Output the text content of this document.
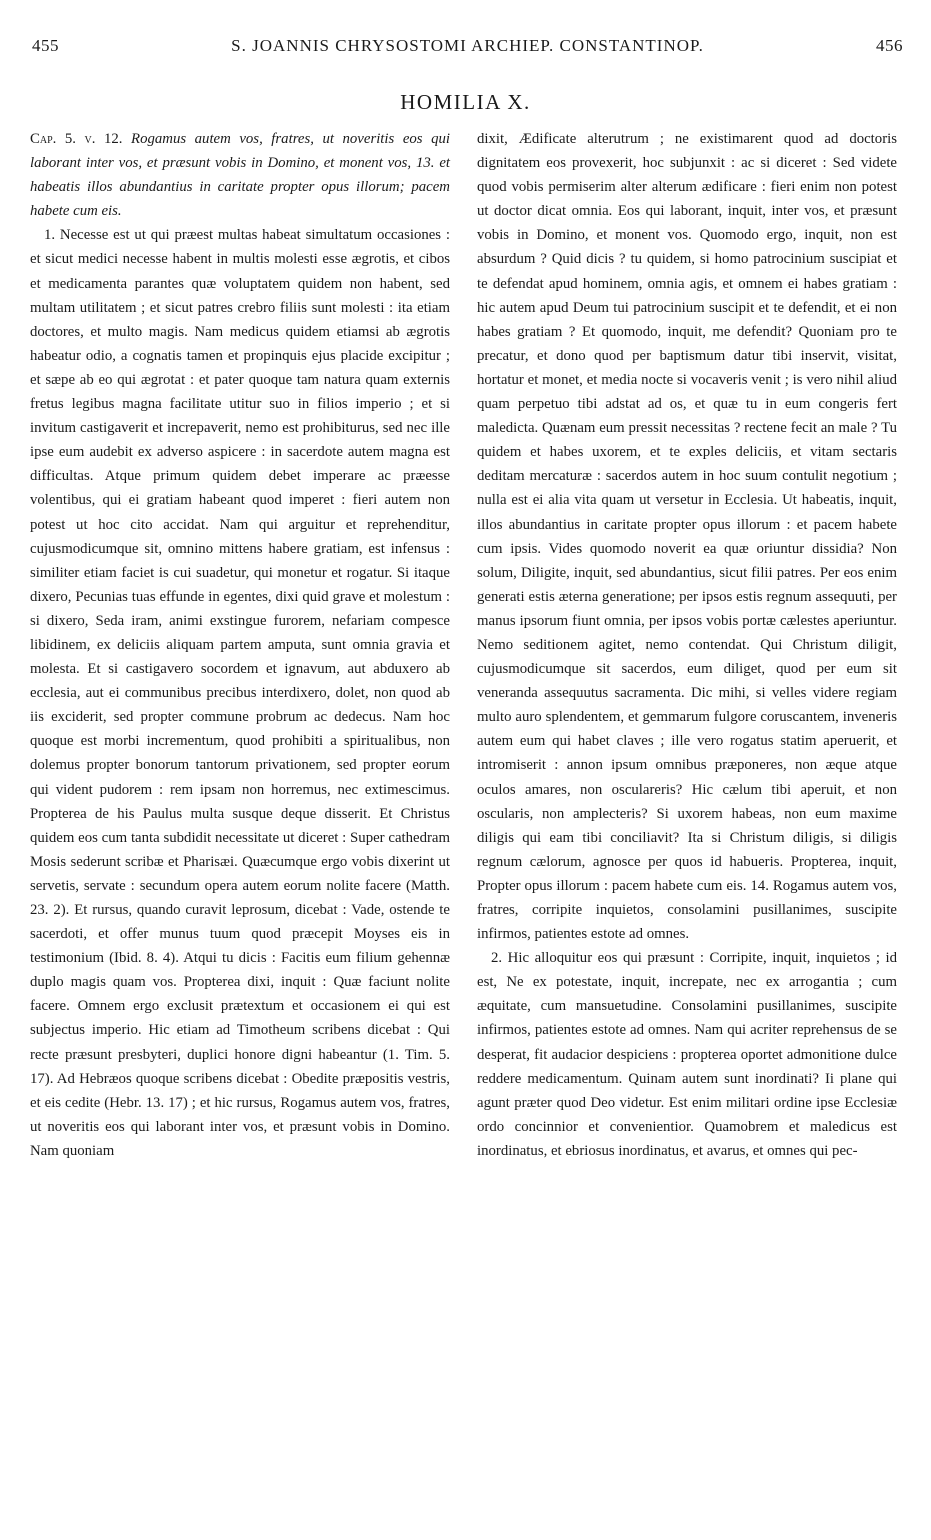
455	S. JOANNIS CHRYSOSTOMI ARCHIEP. CONSTANTINOP.	456
HOMILIA X.

Cap. 5. v. 12. Rogamus autem vos, fratres, ut noveritis eos qui laborant inter vos, et præsunt vobis in Domino, et monent vos, 13. et habeatis illos abundantius in caritate propter opus illorum; pacem habete cum eis.

1. Necesse est ut qui præest multas habeat simultatum occasiones : et sicut medici necesse habent in multis molesti esse ægrotis, et cibos et medicamenta parantes quæ voluptatem quidem non habent, sed multam utilitatem ; et sicut patres crebro filiis sunt molesti : ita etiam doctores, et multo magis. Nam medicus quidem etiamsi ab ægrotis habeatur odio, a cognatis tamen et propinquis ejus placide excipitur ; et sæpe ab eo qui ægrotat : et pater quoque tam natura quam externis fretus legibus magna facilitate utitur suo in filios imperio ; et si invitum castigaverit et increpaverit, nemo est prohibiturus, sed nec ille ipse eum audebit ex adverso aspicere : in sacerdote autem magna est difficultas. Atque primum quidem debet imperare ac præesse volentibus, qui ei gratiam habeant quod imperet : fieri autem non potest ut hoc cito accidat. Nam qui arguitur et reprehenditur, cujusmodicumque sit, omnino mittens habere gratiam, est infensus : similiter etiam faciet is cui suadetur, qui monetur et rogatur. Si itaque dixero, Pecunias tuas effunde in egentes, dixi quid grave et molestum : si dixero, Seda iram, animi exstingue furorem, nefariam compesce libidinem, ex deliciis aliquam partem amputa, sunt omnia gravia et molesta. Et si castigavero socordem et ignavum, aut abduxero ab ecclesia, aut ei communibus precibus interdixero, dolet, non quod ab iis exciderit, sed propter commune probrum ac dedecus. Nam hoc quoque est morbi incrementum, quod prohibiti a spiritualibus, non dolemus propter bonorum tantorum privationem, sed propter eorum qui vident pudorem : rem ipsam non horremus, nec extimescimus. Propterea de his Paulus multa susque deque disserit. Et Christus quidem eos cum tanta subdidit necessitate ut diceret : Super cathedram Mosis sederunt scribæ et Pharisæi. Quæcumque ergo vobis dixerint ut servetis, servate : secundum opera autem eorum nolite facere (Matth. 23. 2). Et rursus, quando curavit leprosum, dicebat : Vade, ostende te sacerdoti, et offer munus tuum quod præcepit Moyses eis in testimonium (Ibid. 8. 4). Atqui tu dicis : Facitis eum filium gehennæ duplo magis quam vos. Propterea dixi, inquit : Quæ faciunt nolite facere. Omnem ergo exclusit prætextum et occasionem ei qui est subjectus imperio. Hic etiam ad Timotheum scribens dicebat : Qui recte præsunt presbyteri, duplici honore digni habeantur (1. Tim. 5. 17). Ad Hebræos quoque scribens dicebat : Obedite præpositis vestris, et eis cedite (Hebr. 13. 17) ; et hic rursus, Rogamus autem vos, fratres, ut noveritis eos qui laborant inter vos, et præsunt vobis in Domino. Nam quoniam

dixit, Ædificate alterutrum ; ne existimarent quod ad doctoris dignitatem eos provexerit, hoc subjunxit : ac si diceret : Sed videte quod vobis permiserim alter alterum ædificare : fieri enim non potest ut doctor dicat omnia. Eos qui laborant, inquit, inter vos, et præsunt vobis in Domino, et monent vos. Quomodo ergo, inquit, non est absurdum ? Quid dicis ? tu quidem, si homo patrocinium suscipiat et te defendat apud hominem, omnia agis, et omnem ei habes gratiam : hic autem apud Deum tui patrocinium suscipit et te defendit, et ei non habes gratiam ? Et quomodo, inquit, me defendit? Quoniam pro te precatur, et dono quod per baptismum datur tibi inservit, visitat, hortatur et monet, et media nocte si vocaveris venit ; is vero nihil aliud quam perpetuo tibi adstat ad os, et quæ tu in eum congeris fert maledicta. Quænam eum pressit necessitas ? rectene fecit an male ? Tu quidem et habes uxorem, et te exples deliciis, et vitam sectaris deditam mercaturæ : sacerdos autem in hoc suum contulit negotium ; nulla est ei alia vita quam ut versetur in Ecclesia. Ut habeatis, inquit, illos abundantius in caritate propter opus illorum : et pacem habete cum ipsis. Vides quomodo noverit ea quæ oriuntur dissidia? Non solum, Diligite, inquit, sed abundantius, sicut filii patres. Per eos enim generati estis æterna generatione; per ipsos estis regnum assequuti, per manus ipsorum fiunt omnia, per ipsos vobis portæ cælestes aperiuntur. Nemo seditionem agitet, nemo contendat. Qui Christum diligit, cujusmodicumque sit sacerdos, eum diliget, quod per eum sit veneranda assequutus sacramenta. Dic mihi, si velles videre regiam multo auro splendentem, et gemmarum fulgore coruscantem, inveneris autem eum qui habet claves ; ille vero rogatus statim aperuerit, et intromiserit : annon ipsum omnibus præponeres, non æque atque oculos amares, non osculareris? Hic cælum tibi aperuit, et non oscularis, non amplecteris? Si uxorem habeas, non eum maxime diligis qui eam tibi conciliavit? Ita si Christum diligis, si diligis regnum cælorum, agnosce per quos id habueris. Propterea, inquit, Propter opus illorum : pacem habete cum eis. 14. Rogamus autem vos, fratres, corripite inquietos, consolamini pusillanimes, suscipite infirmos, patientes estote ad omnes.

2. Hic alloquitur eos qui præsunt : Corripite, inquit, inquietos ; id est, Ne ex potestate, inquit, increpate, nec ex arrogantia ; cum æquitate, cum mansuetudine. Consolamini pusillanimes, suscipite infirmos, patientes estote ad omnes. Nam qui acriter reprehensus de se desperat, fit audacior despiciens : propterea oportet admonitione dulce reddere medicamentum. Quinam autem sunt inordinati? Ii plane qui agunt præter quod Deo videtur. Est enim militari ordine ipse Ecclesiæ ordo concinnior et convenientior. Quamobrem et maledicus est inordinatus, et ebriosus inordinatus, et avarus, et omnes qui pec-
